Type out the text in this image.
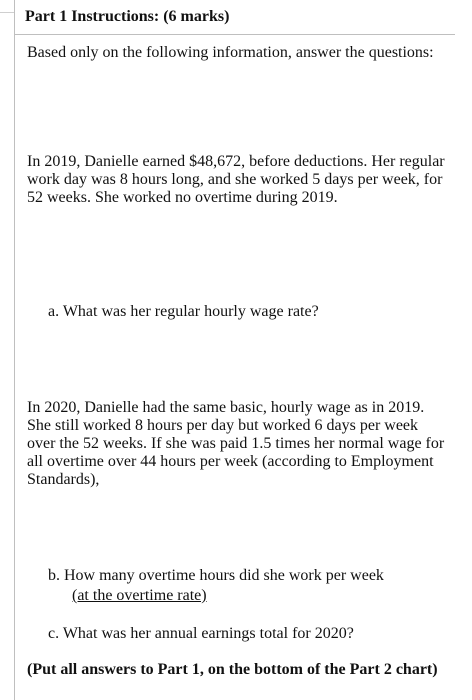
Part 1 Instructions: (6 marks)

Based only on the following information, answer the questions:

In 2019, Danielle earned $48,672, before deductions. Her regular work day was 8 hours long, and she worked 5 days per week, for 52 weeks. She worked no overtime during 2019.

a. What was her regular hourly wage rate?

In 2020, Danielle had the same basic, hourly wage as in 2019. She still worked 8 hours per day but worked 6 days per week over the 52 weeks. If she was paid 1.5 times her normal wage for all overtime over 44 hours per week (according to Employment Standards),

b. How many overtime hours did she work per week

(at the overtime rate)

c. What was her annual earnings total for 2020?

(Put all answers to Part 1, on the bottom of the Part 2 chart)
